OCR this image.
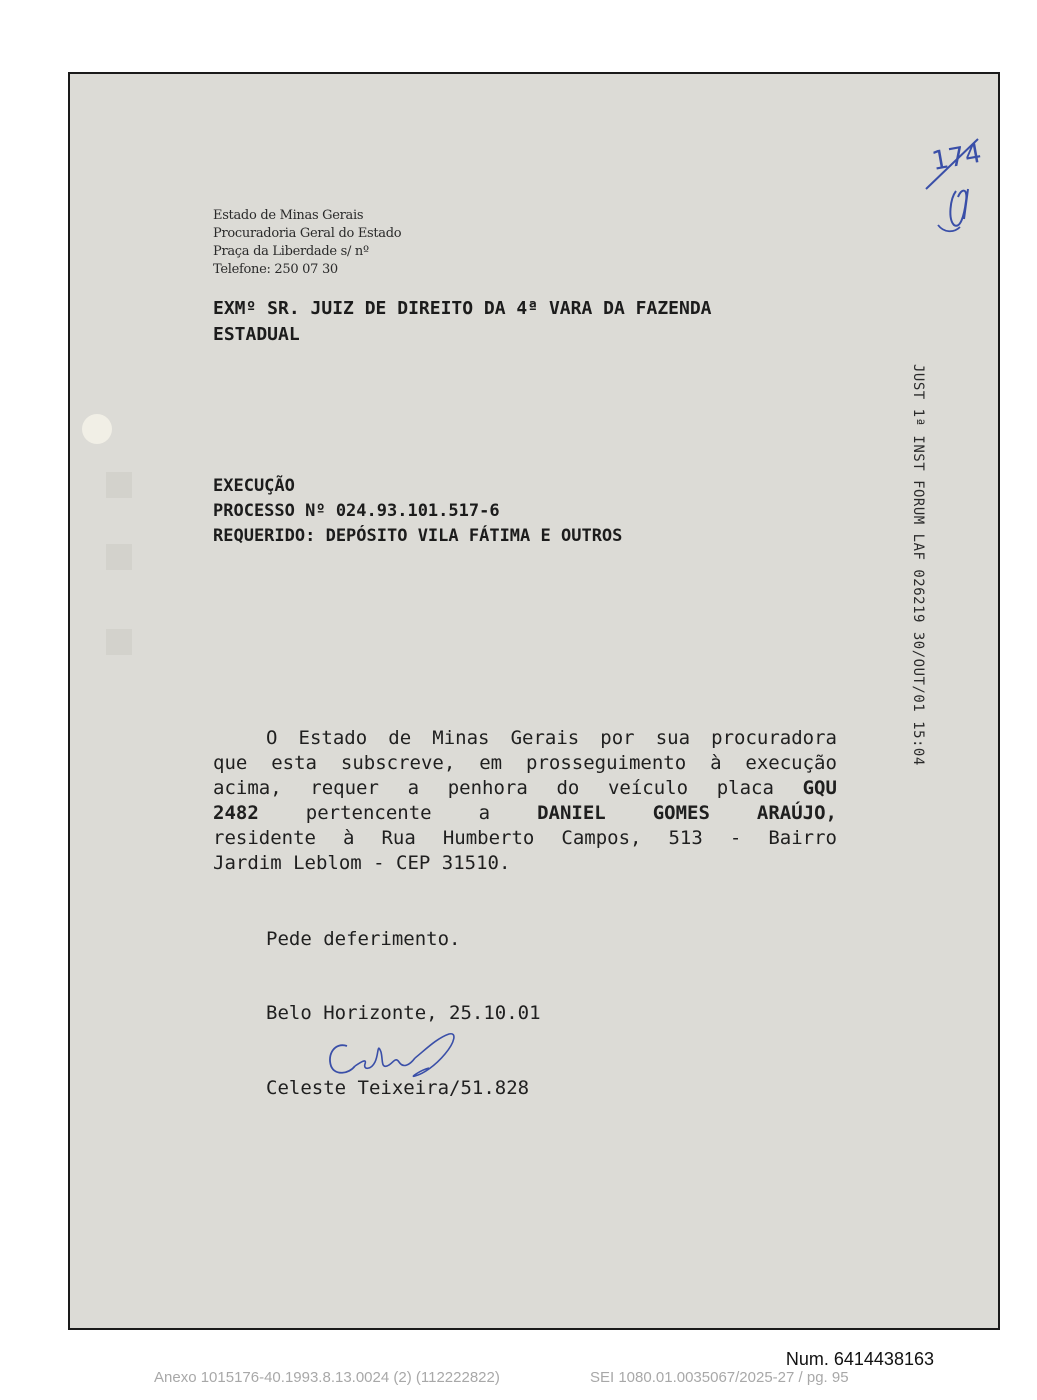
174
Estado de Minas Gerais
Procuradoria Geral do Estado
Praça da Liberdade s/ nº
Telefone: 250 07 30
EXMº SR. JUIZ DE DIREITO DA 4ª VARA DA FAZENDA
ESTADUAL
EXECUÇÃO
PROCESSO Nº 024.93.101.517-6
REQUERIDO: DEPÓSITO VILA FÁTIMA E OUTROS
O Estado de Minas Gerais por sua procuradora
que esta subscreve, em prosseguimento à execução
acima, requer a penhora do veículo placa GQU
2482 pertencente a DANIEL GOMES ARAÚJO,
residente à Rua Humberto Campos, 513 - Bairro
Jardim Leblom - CEP 31510.
Pede deferimento.
Belo Horizonte, 25.10.01
Celeste Teixeira/51.828
JUST 1ª INST FORUM LAF 026219 30/OUT/01 15:04
Num. 6414438163
Anexo 1015176-40.1993.8.13.0024 (2) (112222822)	SEI 1080.01.0035067/2025-27 / pg. 95
